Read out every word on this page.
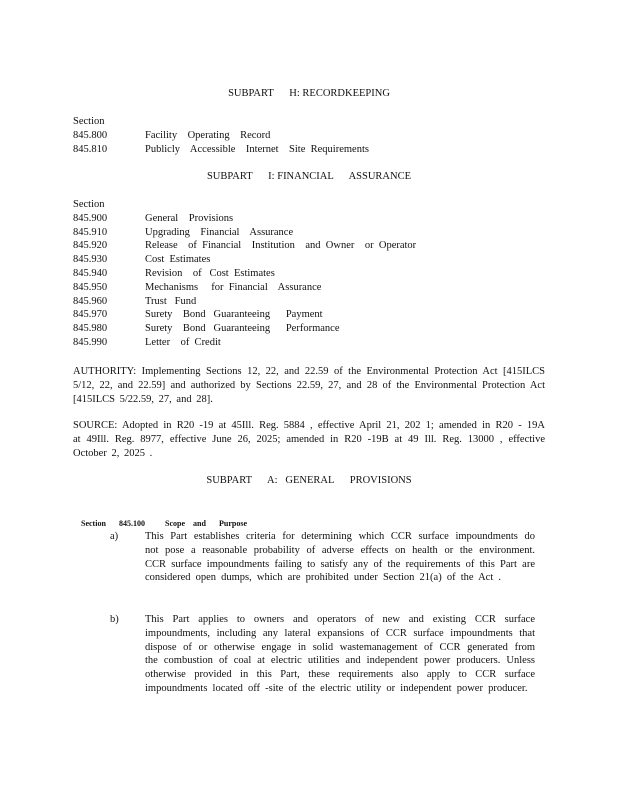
SUBPART      H: RECORDKEEPING
Section
845.800	Facility    Operating    Record
845.810	Publicly    Accessible    Internet    Site  Requirements
SUBPART      I: FINANCIAL      ASSURANCE
Section
845.900	General    Provisions
845.910	Upgrading    Financial    Assurance
845.920	Release    of  Financial    Institution    and  Owner    or  Operator
845.930	Cost  Estimates
845.940	Revision    of   Cost  Estimates
845.950	Mechanisms     for  Financial    Assurance
845.960	Trust   Fund
845.970	Surety    Bond   Guaranteeing      Payment
845.980	Surety    Bond   Guaranteeing      Performance
845.990	Letter    of  Credit
AUTHORITY: Implementing Sections 12, 22, and 22.59 of the Environmental Protection Act [415ILCS 5/12, 22, and 22.59] and authorized by Sections 22.59, 27, and 28 of the Environmental Protection Act [415ILCS 5/22.59, 27, and 28].
SOURCE: Adopted in R20 -19 at 45Ill. Reg. 5884 , effective April 21, 202 1; amended in R20 - 19A at 49Ill. Reg. 8977, effective June 26, 2025; amended in R20 -19B at 49 Ill. Reg. 13000 , effective October 2, 2025 .
SUBPART      A:   GENERAL      PROVISIONS

Section 845.100	Scope and Purpose

a)	This Part establishes criteria for determining which CCR surface impoundments do not pose a reasonable probability of adverse effects on health or the environment. CCR surface impoundments failing to satisfy any of the requirements of this Part are considered open dumps, which are prohibited under Section 21(a) of the Act .
b)	This Part applies to owners and operators of new and existing CCR surface impoundments, including any lateral expansions of CCR surface impoundments that dispose of or otherwise engage in solid wastemanagement of CCR generated from the combustion of coal at electric utilities and independent power producers. Unless otherwise provided in this Part, these requirements also apply to CCR surface impoundments located off -site of the electric utility or independent power producer.
